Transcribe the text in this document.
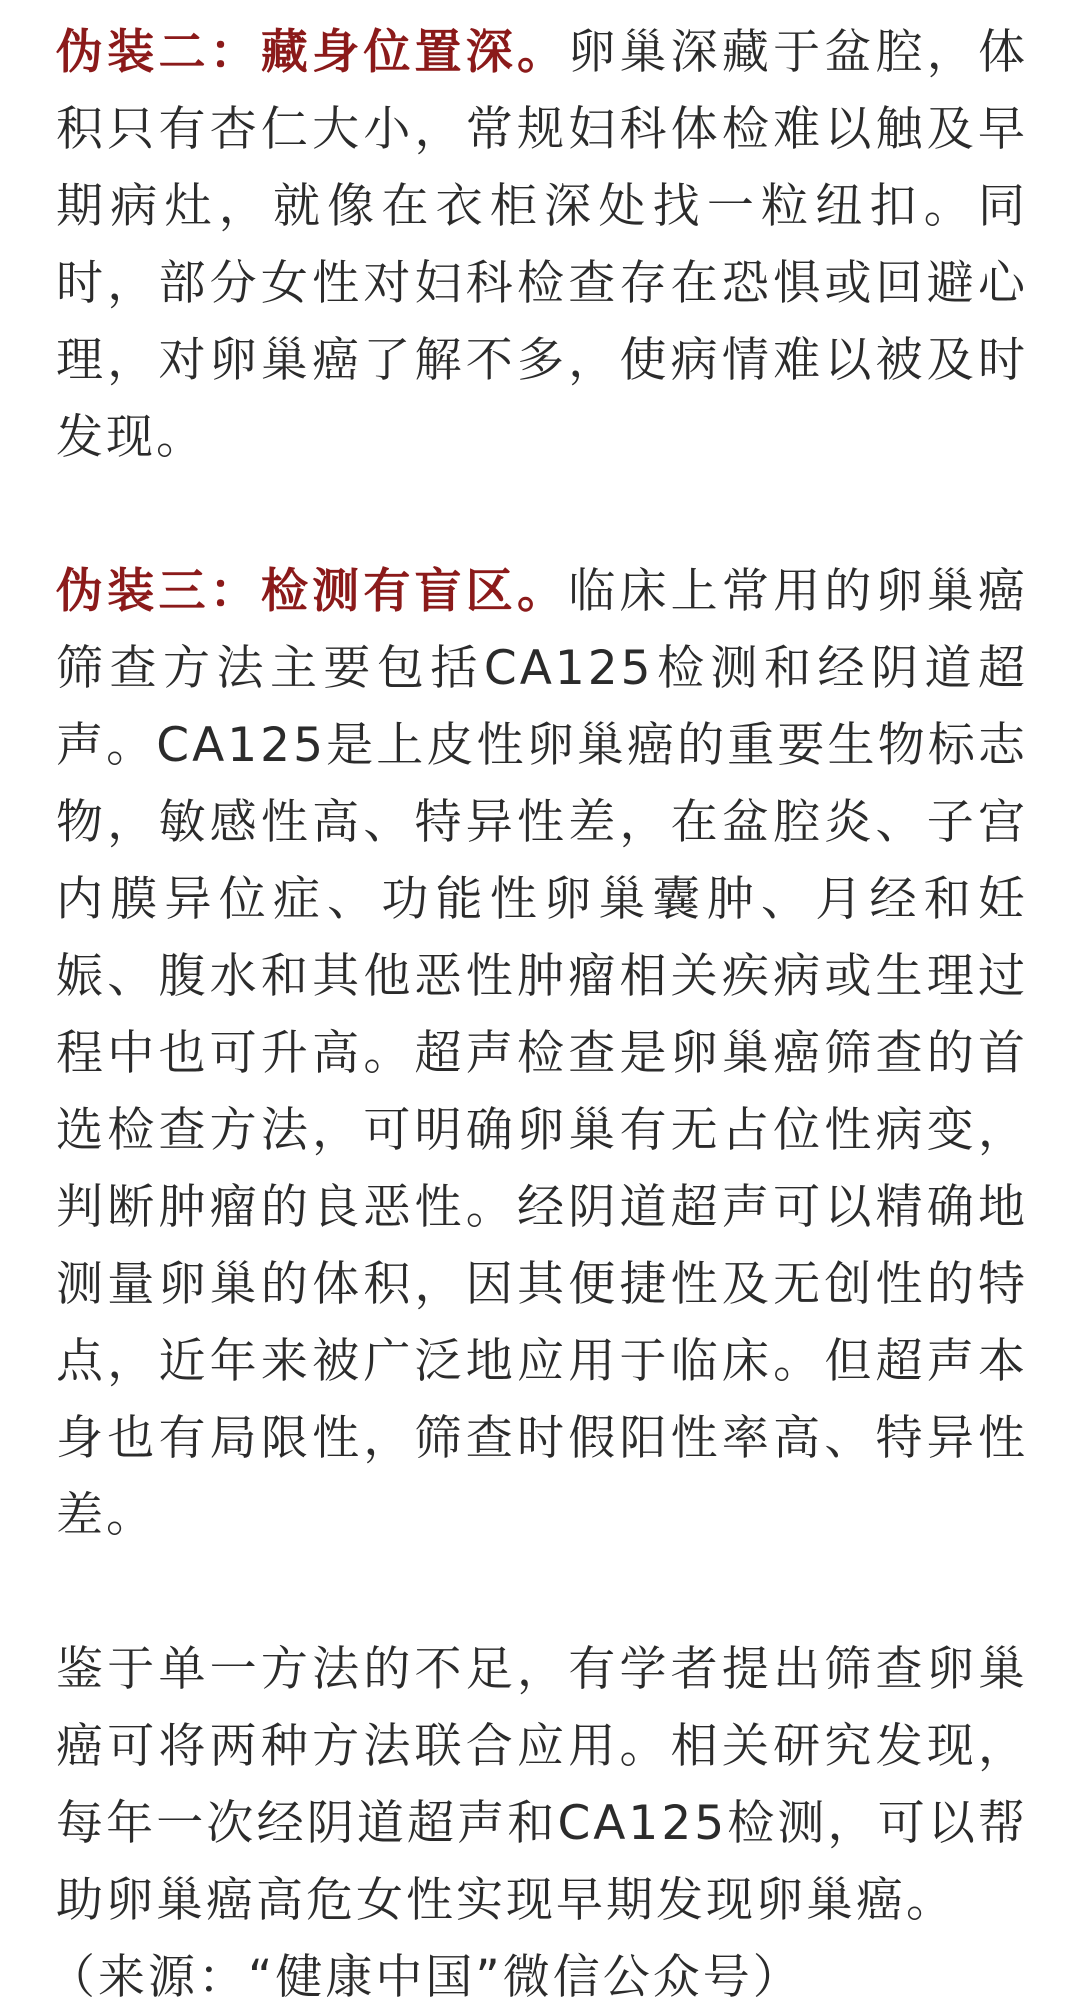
伪装二：藏身位置深。卵巢深藏于盆腔，体积只有杏仁大小，常规妇科体检难以触及早期病灶，就像在衣柜深处找一粒纽扣。同时，部分女性对妇科检查存在恐惧或回避心理，对卵巢癌了解不多，使病情难以被及时发现。

伪装三：检测有盲区。临床上常用的卵巢癌筛查方法主要包括CA125检测和经阴道超声。CA125是上皮性卵巢癌的重要生物标志物，敏感性高、特异性差，在盆腔炎、子宫内膜异位症、功能性卵巢囊肿、月经和妊娠、腹水和其他恶性肿瘤相关疾病或生理过程中也可升高。超声检查是卵巢癌筛查的首选检查方法，可明确卵巢有无占位性病变，判断肿瘤的良恶性。经阴道超声可以精确地测量卵巢的体积，因其便捷性及无创性的特点，近年来被广泛地应用于临床。但超声本身也有局限性，筛查时假阳性率高、特异性差。

鉴于单一方法的不足，有学者提出筛查卵巢癌可将两种方法联合应用。相关研究发现，每年一次经阴道超声和CA125检测，可以帮助卵巢癌高危女性实现早期发现卵巢癌。

（来源：“健康中国”微信公众号）
